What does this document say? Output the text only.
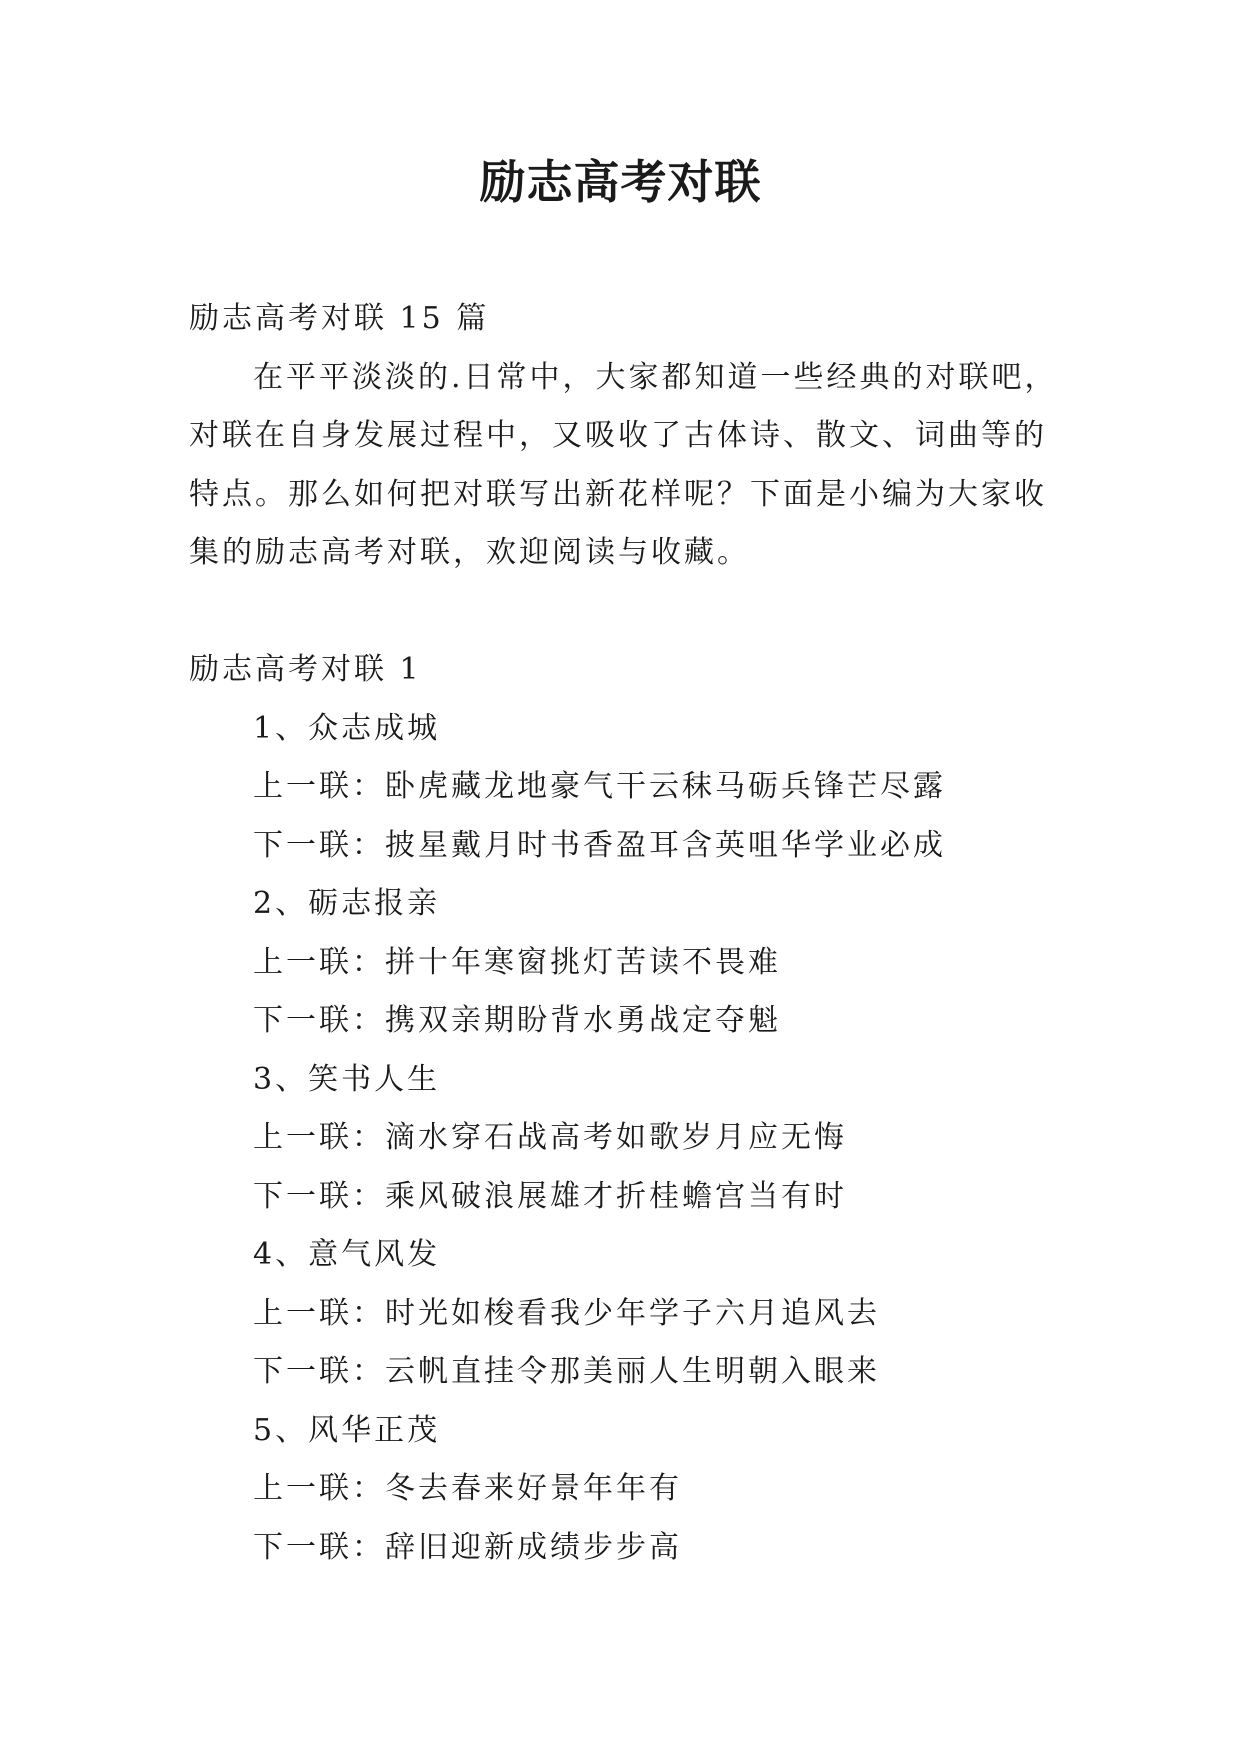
励志高考对联
励志高考对联 15 篇
在平平淡淡的.日常中，大家都知道一些经典的对联吧，对联在自身发展过程中，又吸收了古体诗、散文、词曲等的特点。那么如何把对联写出新花样呢？下面是小编为大家收集的励志高考对联，欢迎阅读与收藏。
励志高考对联 1
1、众志成城
上一联：卧虎藏龙地豪气干云秣马砺兵锋芒尽露
下一联：披星戴月时书香盈耳含英咀华学业必成
2、砺志报亲
上一联：拼十年寒窗挑灯苦读不畏难
下一联：携双亲期盼背水勇战定夺魁
3、笑书人生
上一联：滴水穿石战高考如歌岁月应无悔
下一联：乘风破浪展雄才折桂蟾宫当有时
4、意气风发
上一联：时光如梭看我少年学子六月追风去
下一联：云帆直挂令那美丽人生明朝入眼来
5、风华正茂
上一联：冬去春来好景年年有
下一联：辞旧迎新成绩步步高
